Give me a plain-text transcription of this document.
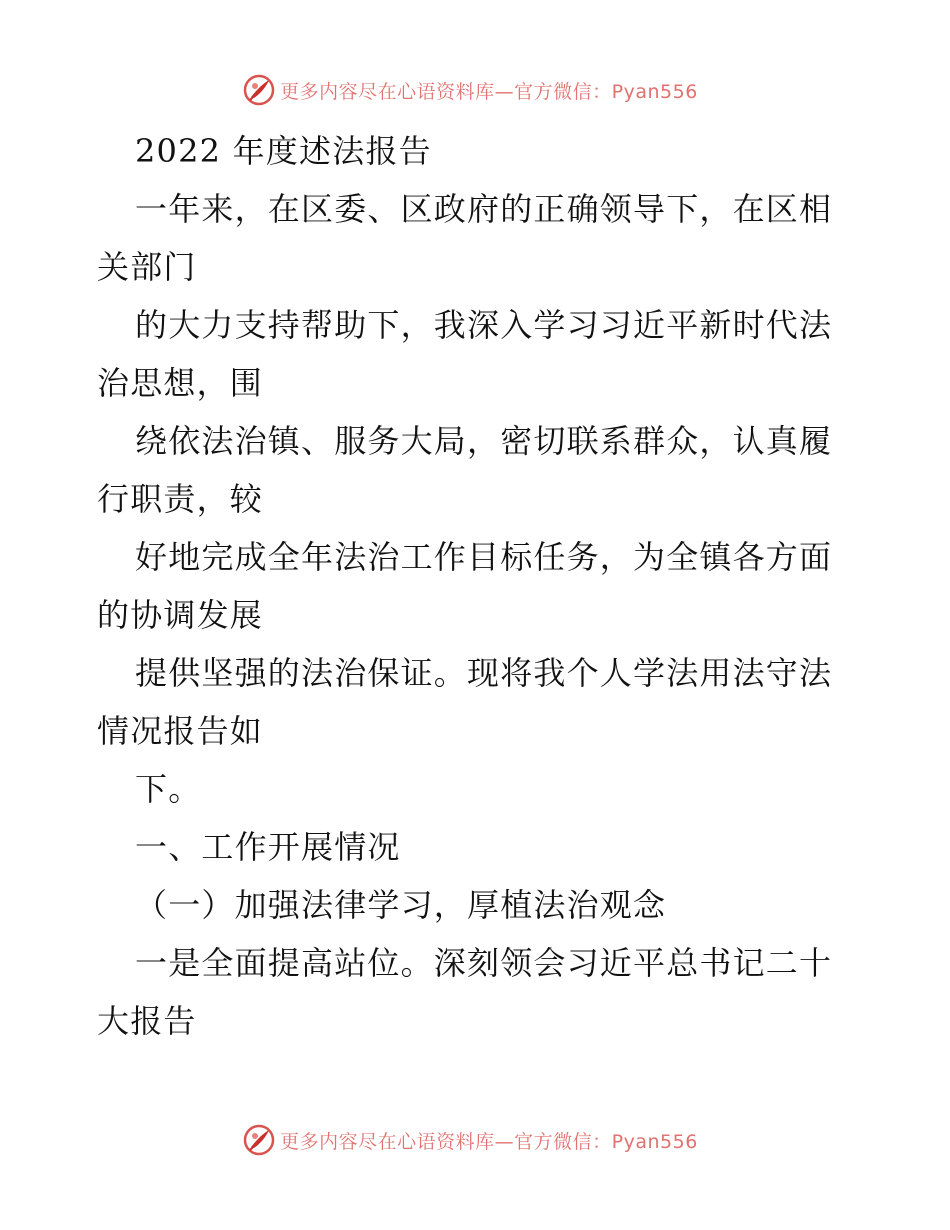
更多内容尽在心语资料库—官方微信：Pyan556
2022 年度述法报告
一年来，在区委、区政府的正确领导下，在区相
关部门
的大力支持帮助下，我深入学习习近平新时代法
治思想，围
绕依法治镇、服务大局，密切联系群众，认真履
行职责，较
好地完成全年法治工作目标任务，为全镇各方面
的协调发展
提供坚强的法治保证。现将我个人学法用法守法
情况报告如
下。
一、工作开展情况
（一）加强法律学习，厚植法治观念
一是全面提高站位。深刻领会习近平总书记二十
大报告
更多内容尽在心语资料库—官方微信：Pyan556
